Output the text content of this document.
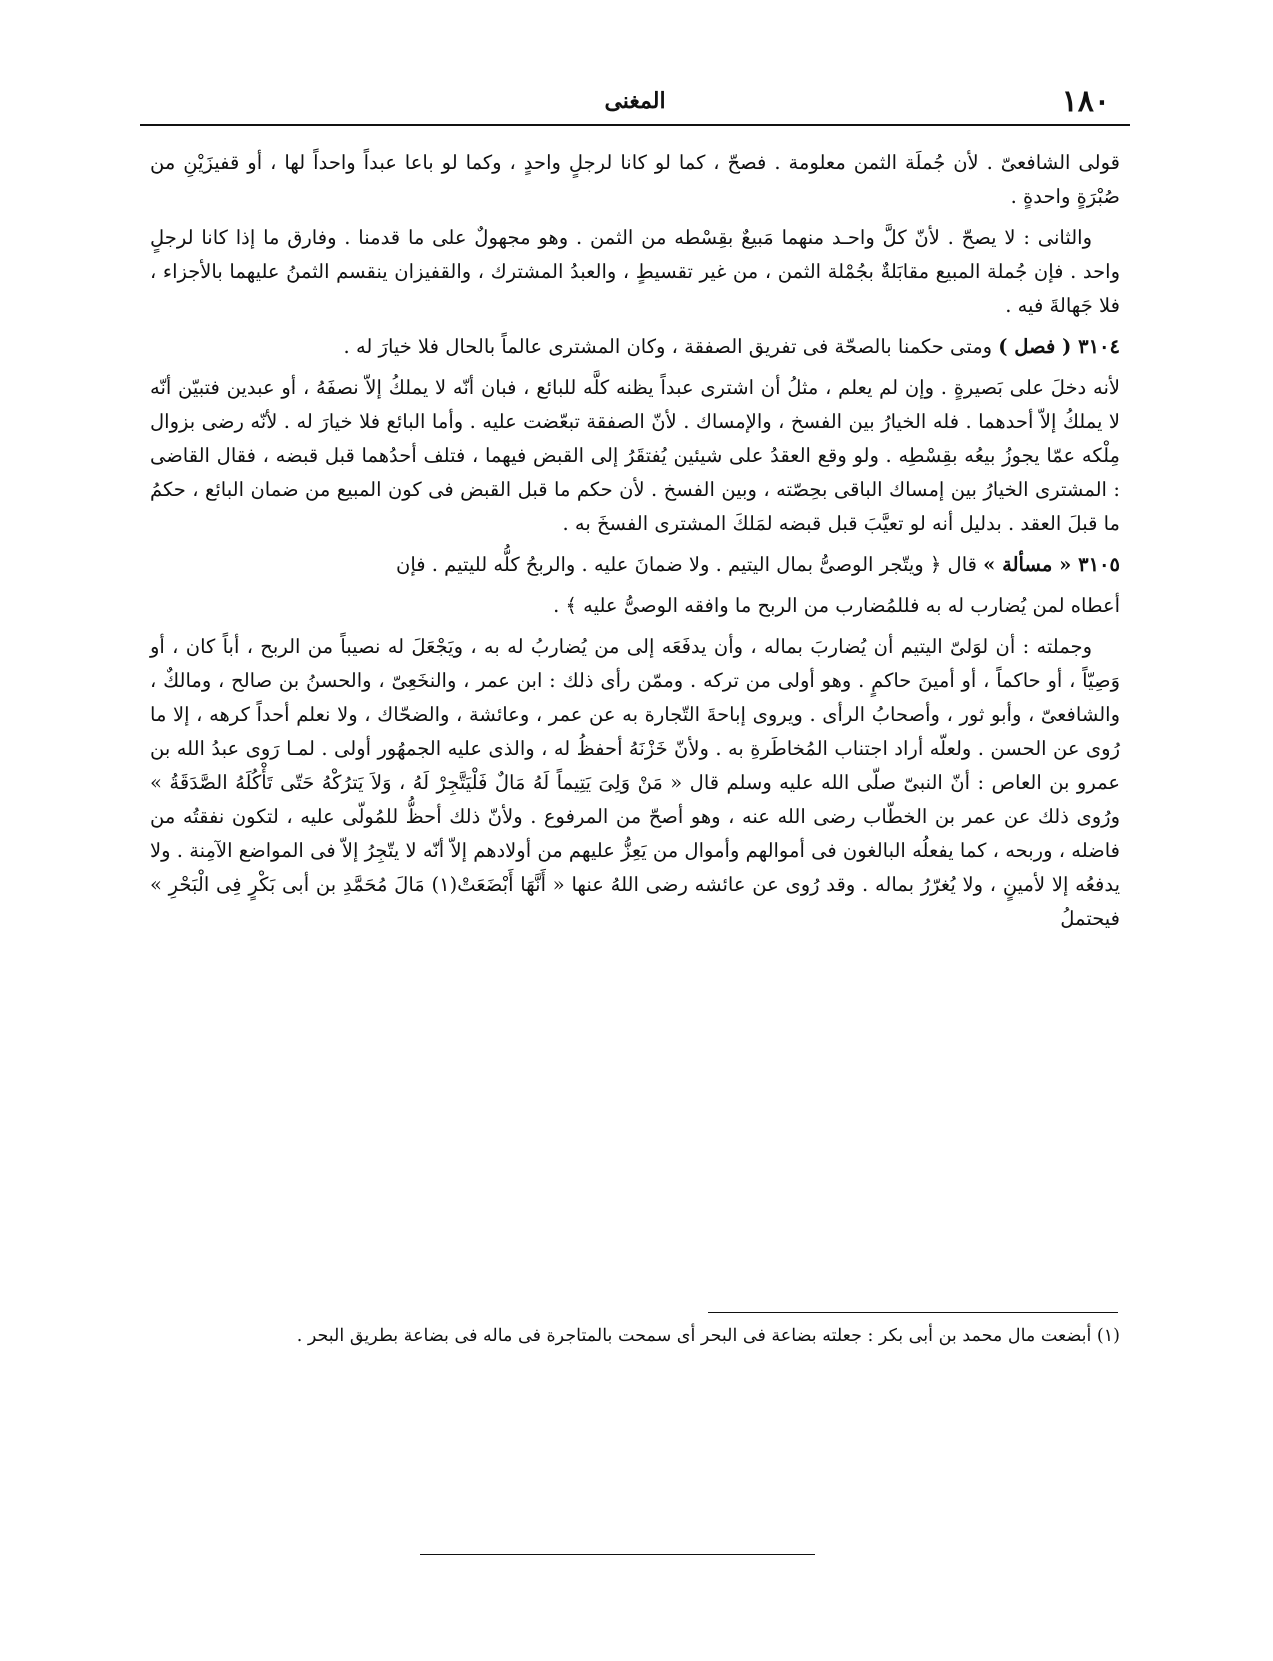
١٨٠
المغنى

قولى الشافعىّ . لأن جُملَة الثمن معلومة . فصحّ ، كما لو كانا لرجلٍ واحدٍ ، وكما لو باعا عبداً واحداً لها ، أو قفيزَيْنِ من صُبْرَةٍ واحدةٍ .

والثانى : لا يصحّ . لأنّ كلَّ واحـد منهما مَبيعٌ بقِسْطه من الثمن . وهو مجهولٌ على ما قدمنا . وفارق ما إذا كانا لرجلٍ واحد . فإن جُملة المبيع مقابَلةٌ بجُمْلة الثمن ، من غير تقسيطٍ ، والعبدُ المشترك ، والقفيزان ينقسم الثمنُ عليهما بالأجزاء ، فلا جَهالةَ فيه .

٣١٠٤ ( فصل ) ومتى حكمنا بالصحّة فى تفريق الصفقة ، وكان المشترى عالماً بالحال فلا خيارَ له .

لأنه دخلَ على بَصيرةٍ . وإن لم يعلم ، مثلُ أن اشترى عبداً يظنه كلَّه للبائع ، فبان أنّه لا يملكُ إلاّ نصفَهُ ، أو عبدين فتبيّن أنّه لا يملكُ إلاّ أحدهما . فله الخيارُ بين الفسخ ، والإمساك . لأنّ الصفقة تبعّضت عليه . وأما البائع فلا خيارَ له . لأنّه رضى بزوال مِلْكه عمّا يجوزُ بيعُه بقِسْطِه . ولو وقع العقدُ على شيئين يُفتقَرُ إلى القبض فيهما ، فتلف أحدُهما قبل قبضه ، فقال القاضى : المشترى الخيارُ بين إمساك الباقى بحِصّته ، وبين الفسخ . لأن حكم ما قبل القبض فى كون المبيع من ضمان البائع ، حكمُ ما قبلَ العقد . بدليل أنه لو تعيَّبَ قبل قبضه لمَلكَ المشترى الفسخَ به .

٣١٠٥ « مسألة » قال ﴿ ويتّجر الوصىُّ بمال اليتيم . ولا ضمانَ عليه . والربحُ كلُّه لليتيم . فإن

أعطاه لمن يُضارب له به فللمُضارب من الربح ما وافقه الوصىُّ عليه ﴾ .

وجملته : أن لوَلىّ اليتيم أن يُضاربَ بماله ، وأن يدفَعَه إلى من يُضاربُ له به ، ويَجْعَلَ له نصيباً من الربح ، أباً كان ، أو وَصِيّاً ، أو حاكماً ، أو أمينَ حاكمٍ . وهو أولى من تركه . وممّن رأى ذلك : ابن عمر ، والنخَعِىّ ، والحسنُ بن صالح ، ومالكٌ ، والشافعىّ ، وأبو ثور ، وأصحابُ الرأى . ويروى إباحةَ التّجارة به عن عمر ، وعائشة ، والضحّاك ، ولا نعلم أحداً كرهه ، إلا ما رُوى عن الحسن . ولعلّه أراد اجتناب المُخاطَرةِ به . ولأنّ خَزْنَهُ أحفظُ له ، والذى عليه الجمهُور أولى . لمـا رَوى عبدُ الله بن عمرو بن العاص : أنّ النبىّ صلّى الله عليه وسلم قال « مَنْ وَلِىَ يَتِيماً لَهُ مَالٌ فَلْيَتَّجِرْ لَهُ ، وَلاَ يَترُكْهُ حَتّى تَأْكُلَهُ الصَّدَقَةُ » ورُوى ذلك عن عمر بن الخطّاب رضى الله عنه ، وهو أصحّ من المرفوع . ولأنّ ذلك أحظُّ للمُولّى عليه ، لتكون نفقتُه من فاضله ، وربحه ، كما يفعلُه البالغون فى أموالهم وأموال من يَعِزُّ عليهم من أولادهم إلاّ أنّه لا يتّجِرُ إلاّ فى المواضع الآمِنة . ولا يدفعُه إلا لأمينٍ ، ولا يُغرّرُ بماله . وقد رُوى عن عائشه رضى اللهُ عنها « أَنَّهَا أَبْضَعَتْ(١) مَالَ مُحَمَّدِ بن أبى بَكْرٍ فِى الْبَحْرِ » فيحتملُ

(١) أبضعت مال محمد بن أبى بكر : جعلته بضاعة فى البحر أى سمحت بالمتاجرة فى ماله فى بضاعة بطريق البحر .
